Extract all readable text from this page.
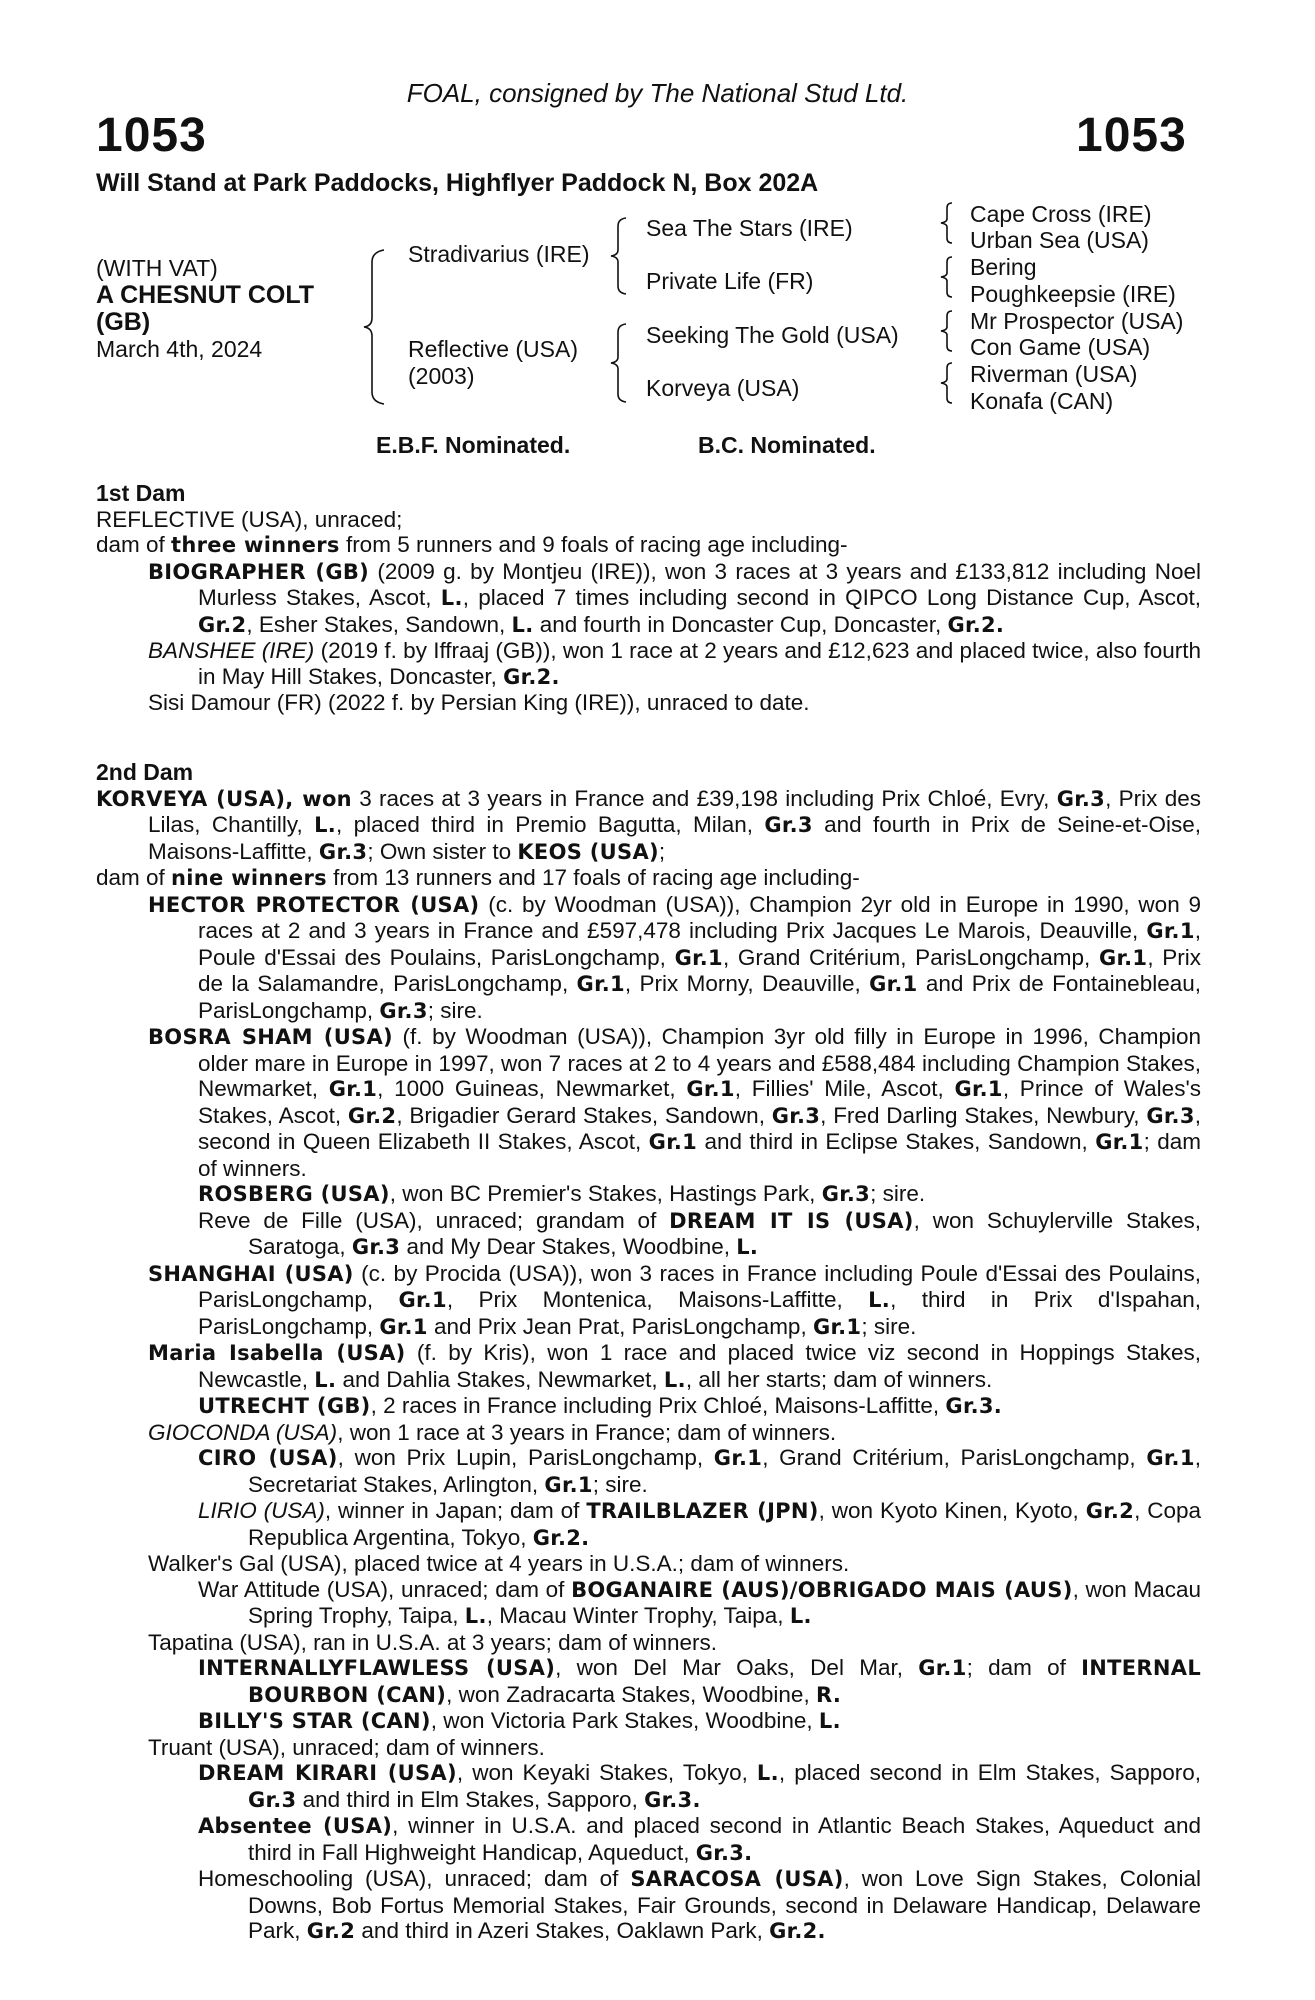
FOAL, consigned by The National Stud Ltd.
1053	1053
Will Stand at Park Paddocks, Highflyer Paddock N, Box 202A
(WITH VAT)

A CHESNUT COLT
(GB)
March 4th, 2024
Stradivarius (IRE)
Reflective (USA)
(2003)
Sea The Stars (IRE)
Private Life (FR)
Seeking The Gold (USA)
Korveya (USA)
Cape Cross (IRE)
Urban Sea (USA)
Bering
Poughkeepsie (IRE)
Mr Prospector (USA)
Con Game (USA)
Riverman (USA)
Konafa (CAN)
E.B.F. Nominated.	B.C. Nominated.

1st Dam

REFLECTIVE (USA), unraced;

dam of three winners from 5 runners and 9 foals of racing age including-

BIOGRAPHER (GB) (2009 g. by Montjeu (IRE)), won 3 races at 3 years and £133,812 including Noel Murless Stakes, Ascot, L., placed 7 times including second in QIPCO Long Distance Cup, Ascot, Gr.2, Esher Stakes, Sandown, L. and fourth in Doncaster Cup, Doncaster, Gr.2.

BANSHEE (IRE) (2019 f. by Iffraaj (GB)), won 1 race at 2 years and £12,623 and placed twice, also fourth in May Hill Stakes, Doncaster, Gr.2.

Sisi Damour (FR) (2022 f. by Persian King (IRE)), unraced to date.

2nd Dam

KORVEYA (USA), won 3 races at 3 years in France and £39,198 including Prix Chloé, Evry, Gr.3, Prix des Lilas, Chantilly, L., placed third in Premio Bagutta, Milan, Gr.3 and fourth in Prix de Seine-et-Oise, Maisons-Laffitte, Gr.3; Own sister to KEOS (USA);

dam of nine winners from 13 runners and 17 foals of racing age including-

HECTOR PROTECTOR (USA) (c. by Woodman (USA)), Champion 2yr old in Europe in 1990, won 9 races at 2 and 3 years in France and £597,478 including Prix Jacques Le Marois, Deauville, Gr.1, Poule d'Essai des Poulains, ParisLongchamp, Gr.1, Grand Critérium, ParisLongchamp, Gr.1, Prix de la Salamandre, ParisLongchamp, Gr.1, Prix Morny, Deauville, Gr.1 and Prix de Fontainebleau, ParisLongchamp, Gr.3; sire.

BOSRA SHAM (USA) (f. by Woodman (USA)), Champion 3yr old filly in Europe in 1996, Champion older mare in Europe in 1997, won 7 races at 2 to 4 years and £588,484 including Champion Stakes, Newmarket, Gr.1, 1000 Guineas, Newmarket, Gr.1, Fillies' Mile, Ascot, Gr.1, Prince of Wales's Stakes, Ascot, Gr.2, Brigadier Gerard Stakes, Sandown, Gr.3, Fred Darling Stakes, Newbury, Gr.3, second in Queen Elizabeth II Stakes, Ascot, Gr.1 and third in Eclipse Stakes, Sandown, Gr.1; dam of winners.

ROSBERG (USA), won BC Premier's Stakes, Hastings Park, Gr.3; sire.

Reve de Fille (USA), unraced; grandam of DREAM IT IS (USA), won Schuylerville Stakes, Saratoga, Gr.3 and My Dear Stakes, Woodbine, L.

SHANGHAI (USA) (c. by Procida (USA)), won 3 races in France including Poule d'Essai des Poulains, ParisLongchamp, Gr.1, Prix Montenica, Maisons-Laffitte, L., third in Prix d'Ispahan, ParisLongchamp, Gr.1 and Prix Jean Prat, ParisLongchamp, Gr.1; sire.

Maria Isabella (USA) (f. by Kris), won 1 race and placed twice viz second in Hoppings Stakes, Newcastle, L. and Dahlia Stakes, Newmarket, L., all her starts; dam of winners.

UTRECHT (GB), 2 races in France including Prix Chloé, Maisons-Laffitte, Gr.3.

GIOCONDA (USA), won 1 race at 3 years in France; dam of winners.

CIRO (USA), won Prix Lupin, ParisLongchamp, Gr.1, Grand Critérium, ParisLongchamp, Gr.1, Secretariat Stakes, Arlington, Gr.1; sire.

LIRIO (USA), winner in Japan; dam of TRAILBLAZER (JPN), won Kyoto Kinen, Kyoto, Gr.2, Copa Republica Argentina, Tokyo, Gr.2.

Walker's Gal (USA), placed twice at 4 years in U.S.A.; dam of winners.

War Attitude (USA), unraced; dam of BOGANAIRE (AUS)/OBRIGADO MAIS (AUS), won Macau Spring Trophy, Taipa, L., Macau Winter Trophy, Taipa, L.

Tapatina (USA), ran in U.S.A. at 3 years; dam of winners.

INTERNALLYFLAWLESS (USA), won Del Mar Oaks, Del Mar, Gr.1; dam of INTERNAL BOURBON (CAN), won Zadracarta Stakes, Woodbine, R.

BILLY'S STAR (CAN), won Victoria Park Stakes, Woodbine, L.

Truant (USA), unraced; dam of winners.

DREAM KIRARI (USA), won Keyaki Stakes, Tokyo, L., placed second in Elm Stakes, Sapporo, Gr.3 and third in Elm Stakes, Sapporo, Gr.3.

Absentee (USA), winner in U.S.A. and placed second in Atlantic Beach Stakes, Aqueduct and third in Fall Highweight Handicap, Aqueduct, Gr.3.

Homeschooling (USA), unraced; dam of SARACOSA (USA), won Love Sign Stakes, Colonial Downs, Bob Fortus Memorial Stakes, Fair Grounds, second in Delaware Handicap, Delaware Park, Gr.2 and third in Azeri Stakes, Oaklawn Park, Gr.2.
